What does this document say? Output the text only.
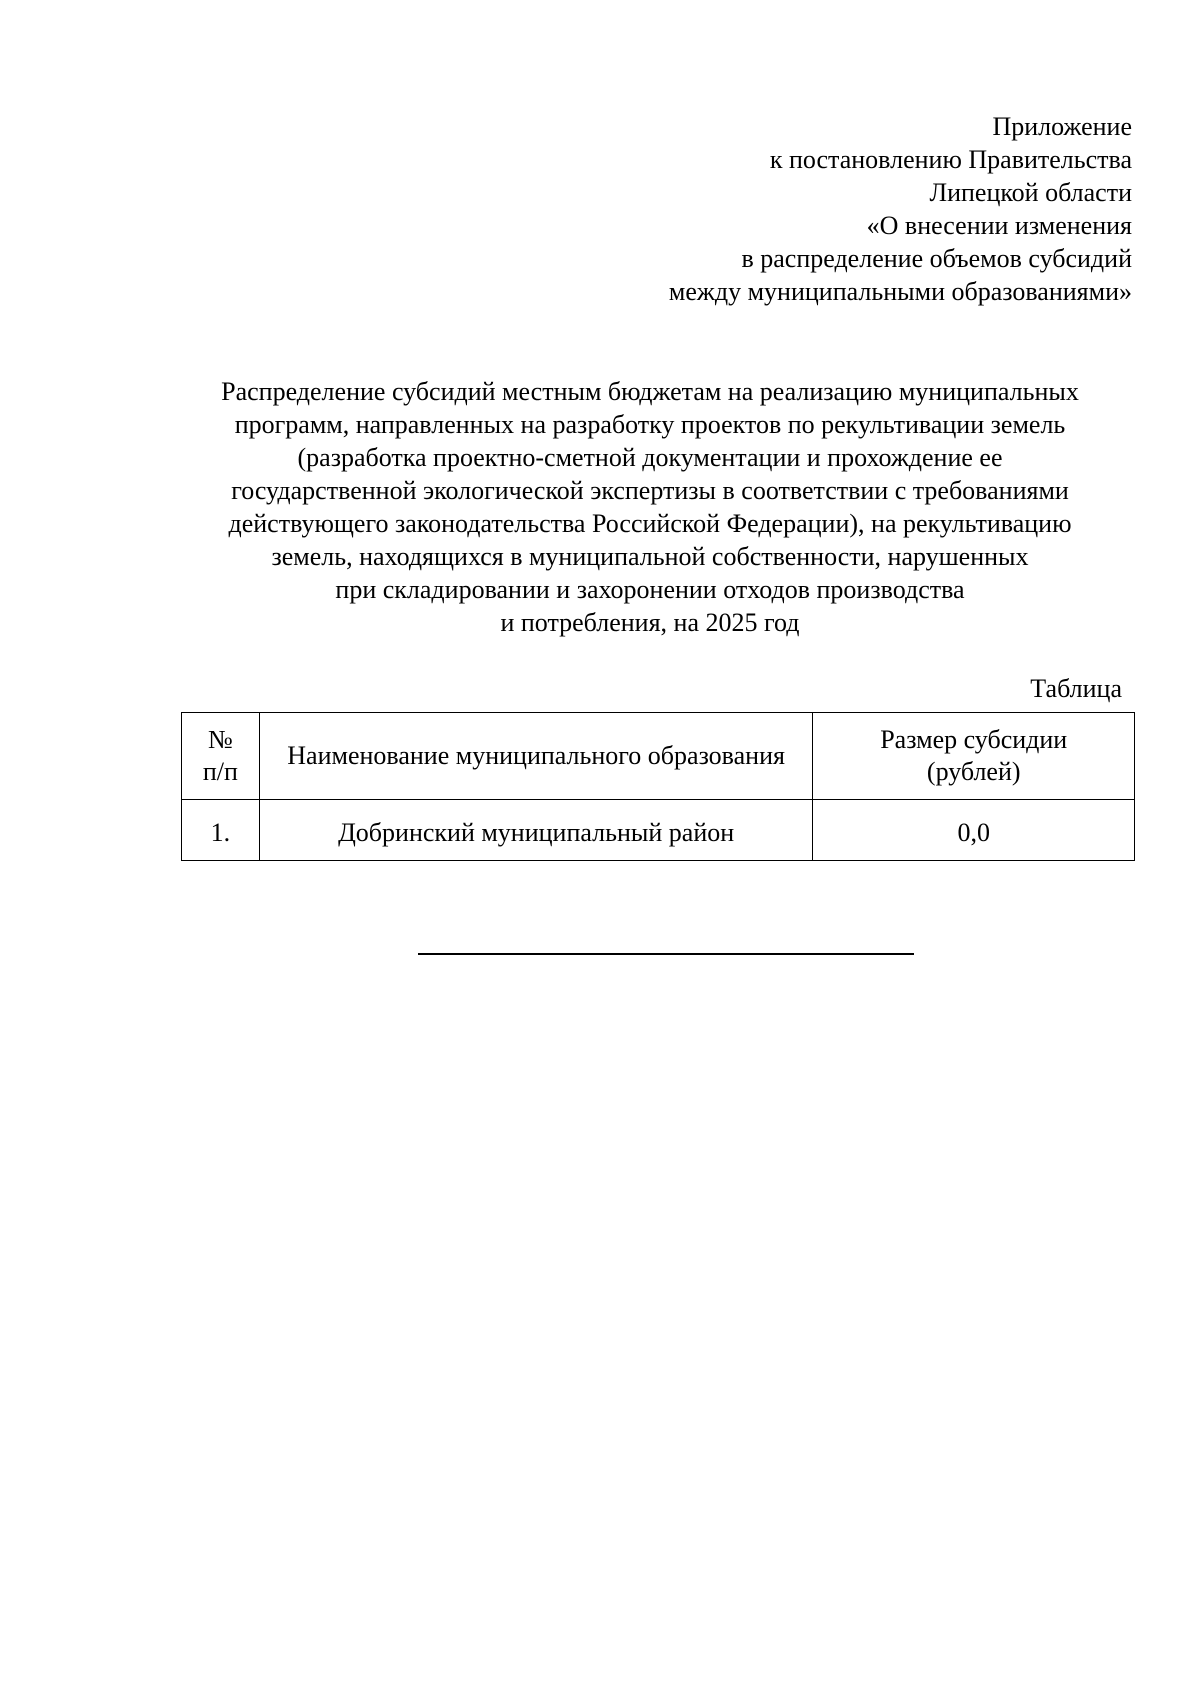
Приложение
к постановлению Правительства
Липецкой области
«О внесении изменения
в распределение объемов субсидий
между муниципальными образованиями»
Распределение субсидий местным бюджетам на реализацию муниципальных
программ, направленных на разработку проектов по рекультивации земель
(разработка проектно-сметной документации и прохождение ее
государственной экологической экспертизы в соответствии с требованиями
действующего законодательства Российской Федерации), на рекультивацию
земель, находящихся в муниципальной собственности, нарушенных
при складировании и захоронении отходов производства
и потребления, на 2025 год
Таблица
№
п/п	Наименование муниципального образования	Размер субсидии
(рублей)
1.	Добринский муниципальный район	0,0
